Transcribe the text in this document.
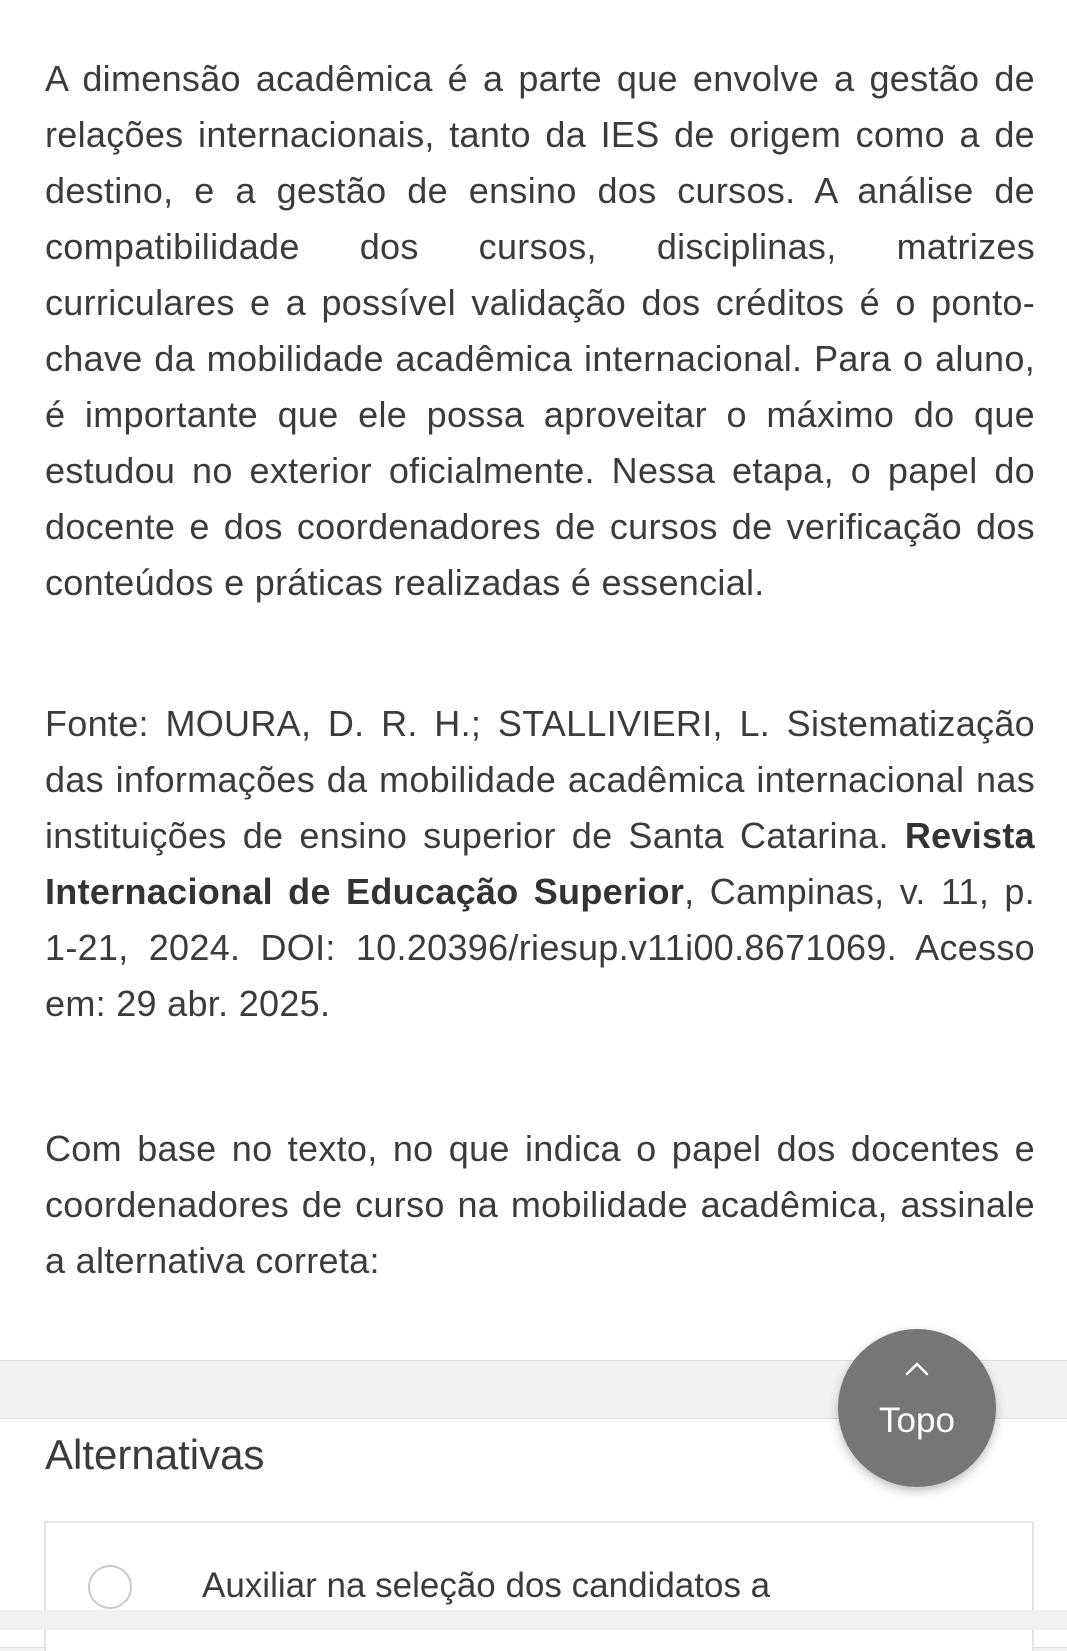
A dimensão acadêmica é a parte que envolve a gestão de relações internacionais, tanto da IES de origem como a de destino, e a gestão de ensino dos cursos. A análise de compatibilidade dos cursos, disciplinas, matrizes curriculares e a possível validação dos créditos é o ponto-chave da mobilidade acadêmica internacional. Para o aluno, é importante que ele possa aproveitar o máximo do que estudou no exterior oficialmente. Nessa etapa, o papel do docente e dos coordenadores de cursos de verificação dos conteúdos e práticas realizadas é essencial.

Fonte: MOURA, D. R. H.; STALLIVIERI, L. Sistematização das informações da mobilidade acadêmica internacional nas instituições de ensino superior de Santa Catarina. Revista Internacional de Educação Superior, Campinas, v. 11, p. 1-21, 2024. DOI: 10.20396/riesup.v11i00.8671069. Acesso em: 29 abr. 2025.

Com base no texto, no que indica o papel dos docentes e coordenadores de curso na mobilidade acadêmica, assinale a alternativa correta:

Alternativas
Auxiliar na seleção dos candidatos a
Topo
